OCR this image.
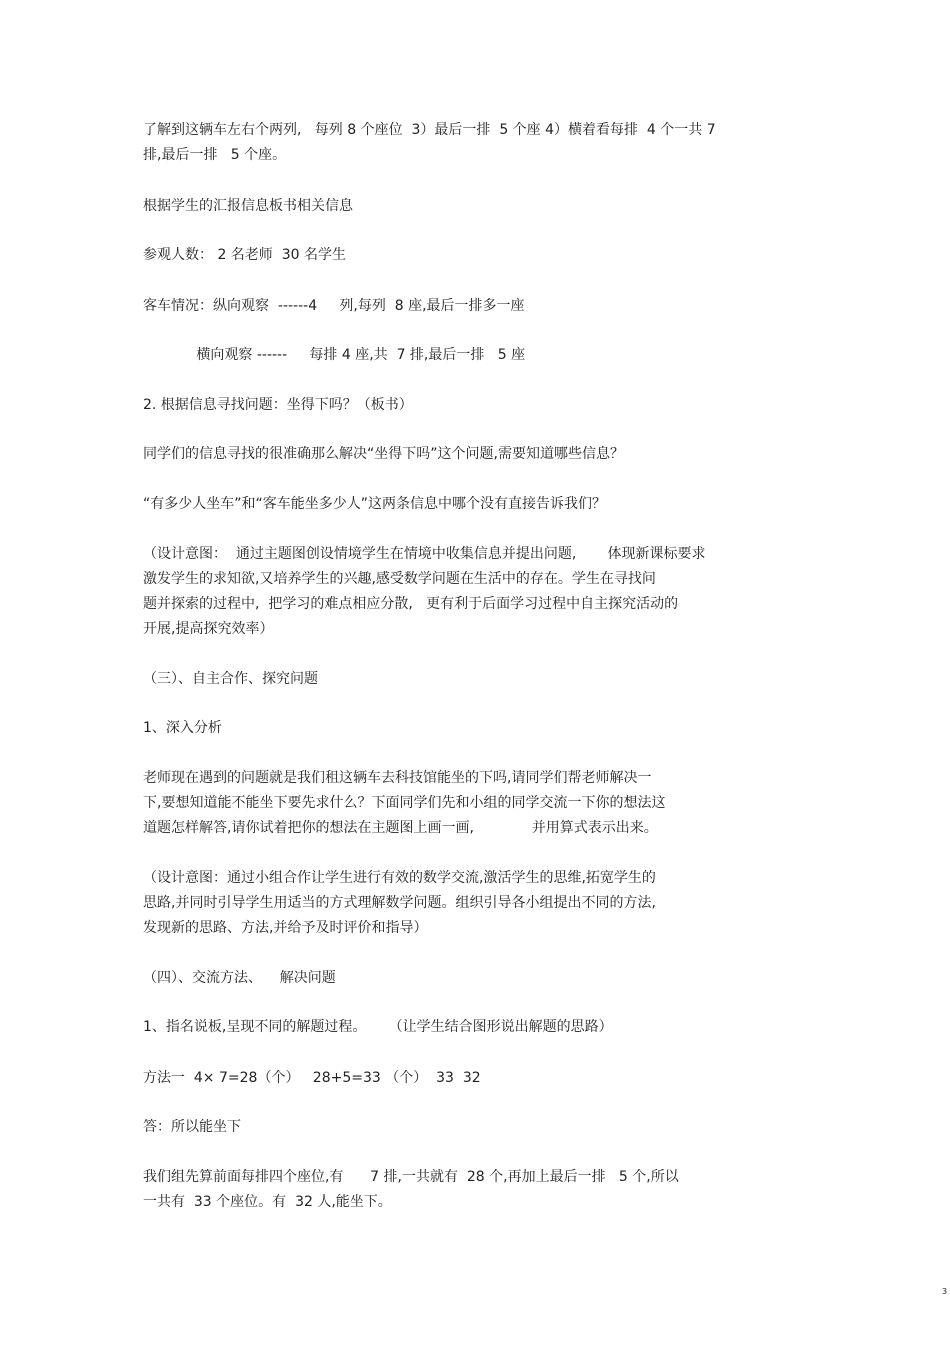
了解到这辆车左右个两列,   每列 8 个座位  3）最后一排  5 个座 4）横着看每排  4 个一共 7
排,最后一排   5 个座。
根据学生的汇报信息板书相关信息
参观人数： 2 名老师  30 名学生
客车情况：纵向观察  ------4     列,每列  8 座,最后一排多一座
横向观察 ------     每排 4 座,共  7 排,最后一排   5 座
2. 根据信息寻找问题：坐得下吗？（板书）
同学们的信息寻找的很准确那么解决“坐得下吗”这个问题,需要知道哪些信息？
“有多少人坐车”和“客车能坐多少人”这两条信息中哪个没有直接告诉我们？
（设计意图：  通过主题图创设情境学生在情境中收集信息并提出问题,       体现新课标要求
激发学生的求知欲,又培养学生的兴趣,感受数学问题在生活中的存在。学生在寻找问
题并探索的过程中,  把学习的难点相应分散,   更有利于后面学习过程中自主探究活动的
开展,提高探究效率）
（三）、自主合作、探究问题
1、深入分析
老师现在遇到的问题就是我们租这辆车去科技馆能坐的下吗,请同学们帮老师解决一
下,要想知道能不能坐下要先求什么？下面同学们先和小组的同学交流一下你的想法这
道题怎样解答,请你试着把你的想法在主题图上画一画,             并用算式表示出来。
（设计意图：通过小组合作让学生进行有效的数学交流,激活学生的思维,拓宽学生的
思路,并同时引导学生用适当的方式理解数学问题。组织引导各小组提出不同的方法,
发现新的思路、方法,并给予及时评价和指导）
（四）、交流方法、    解决问题
1、指名说板,呈现不同的解题过程。     （让学生结合图形说出解题的思路）
方法一  4× 7=28（个）   28+5=33 （个）  33  32
答：所以能坐下
我们组先算前面每排四个座位,有      7 排,一共就有  28 个,再加上最后一排   5 个,所以
一共有  33 个座位。有  32 人,能坐下。
3
